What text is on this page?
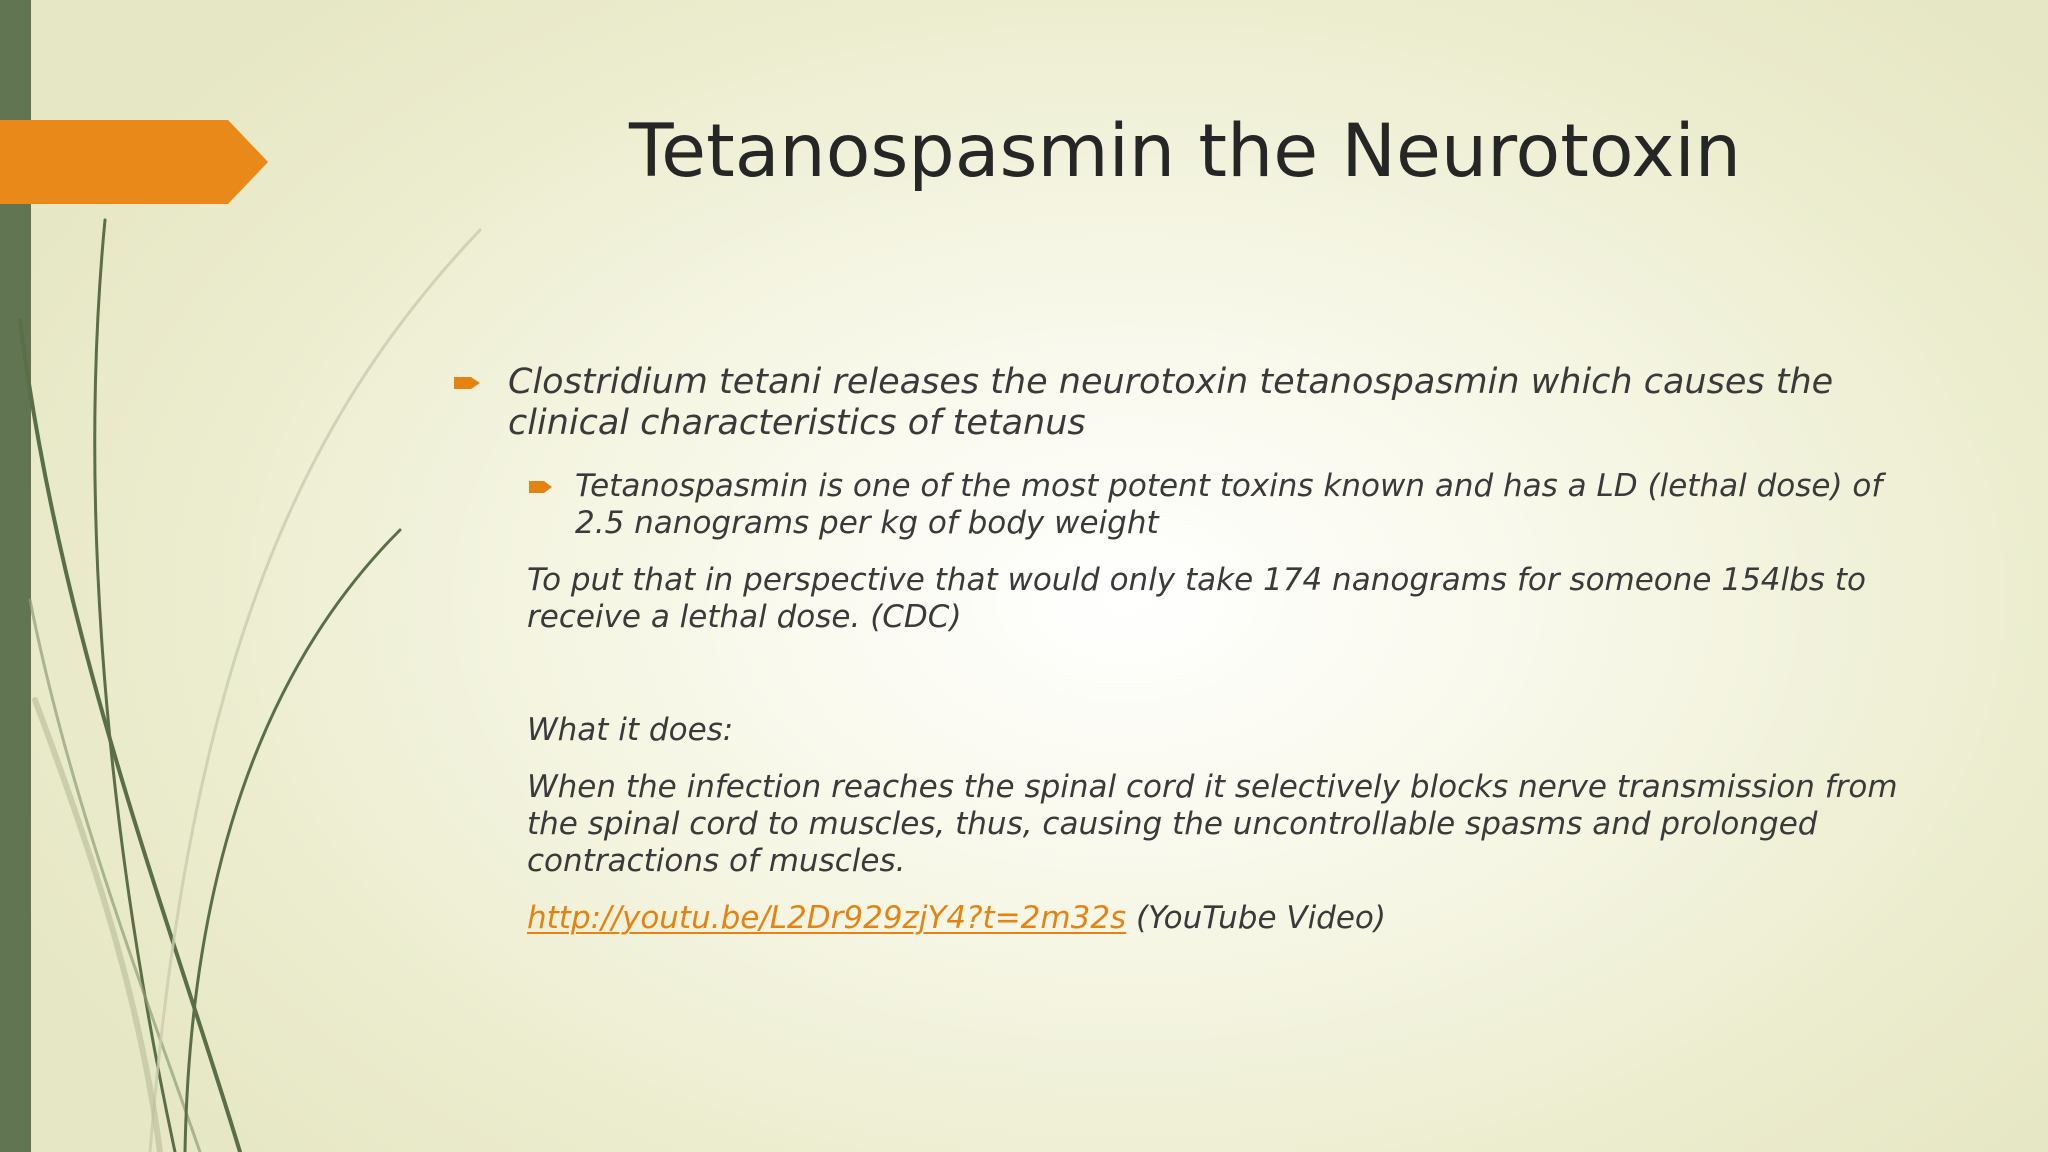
Tetanospasmin the Neurotoxin
Clostridium tetani releases the neurotoxin tetanospasmin which causes the clinical characteristics of tetanus
Tetanospasmin is one of the most potent toxins known and has a LD (lethal dose) of 2.5 nanograms per kg of body weight
To put that in perspective that would only take 174 nanograms for someone 154lbs to receive a lethal dose. (CDC)
What it does:
When the infection reaches the spinal cord it selectively blocks nerve transmission from the spinal cord to muscles, thus, causing the uncontrollable spasms and prolonged contractions of muscles.
http://youtu.be/L2Dr929zjY4?t=2m32s (YouTube Video)
